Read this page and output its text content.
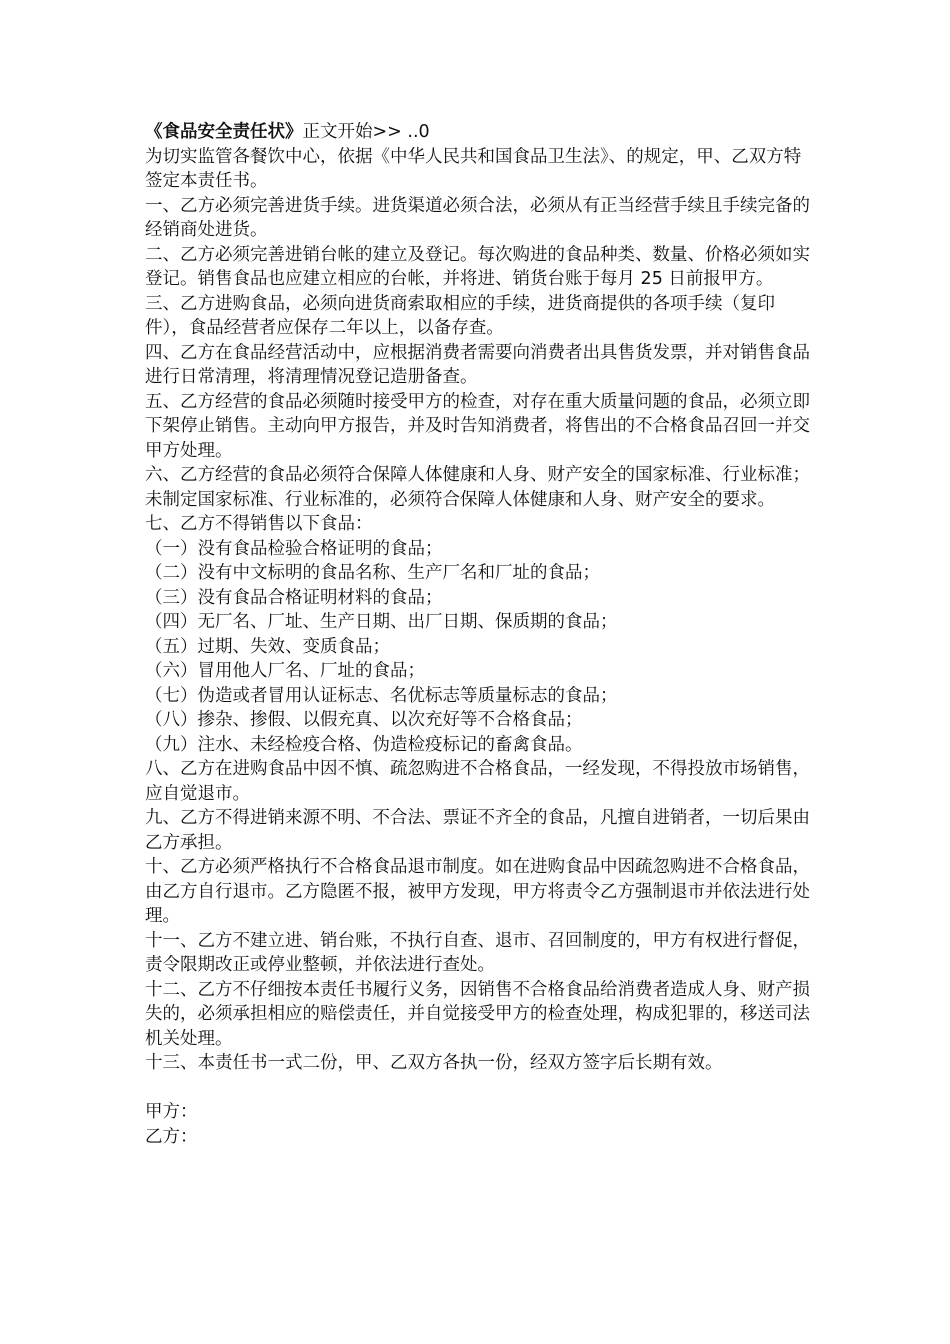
《食品安全责任状》正文开始>> ..0

为切实监管各餐饮中心，依据《中华人民共和国食品卫生法》、的规定，甲、乙双方特签定本责任书。

一、乙方必须完善进货手续。进货渠道必须合法，必须从有正当经营手续且手续完备的经销商处进货。

二、乙方必须完善进销台帐的建立及登记。每次购进的食品种类、数量、价格必须如实登记。销售食品也应建立相应的台帐，并将进、销货台账于每月 25 日前报甲方。

三、乙方进购食品，必须向进货商索取相应的手续，进货商提供的各项手续（复印件），食品经营者应保存二年以上，以备存查。

四、乙方在食品经营活动中，应根据消费者需要向消费者出具售货发票，并对销售食品进行日常清理，将清理情况登记造册备查。

五、乙方经营的食品必须随时接受甲方的检查，对存在重大质量问题的食品，必须立即下架停止销售。主动向甲方报告，并及时告知消费者，将售出的不合格食品召回一并交甲方处理。

六、乙方经营的食品必须符合保障人体健康和人身、财产安全的国家标准、行业标准；未制定国家标准、行业标准的，必须符合保障人体健康和人身、财产安全的要求。

七、乙方不得销售以下食品：

（一）没有食品检验合格证明的食品；

（二）没有中文标明的食品名称、生产厂名和厂址的食品；

（三）没有食品合格证明材料的食品；

（四）无厂名、厂址、生产日期、出厂日期、保质期的食品；

（五）过期、失效、变质食品；

（六）冒用他人厂名、厂址的食品；

（七）伪造或者冒用认证标志、名优标志等质量标志的食品；

（八）掺杂、掺假、以假充真、以次充好等不合格食品；

（九）注水、未经检疫合格、伪造检疫标记的畜禽食品。

八、乙方在进购食品中因不慎、疏忽购进不合格食品，一经发现，不得投放市场销售，应自觉退市。

九、乙方不得进销来源不明、不合法、票证不齐全的食品，凡擅自进销者，一切后果由乙方承担。

十、乙方必须严格执行不合格食品退市制度。如在进购食品中因疏忽购进不合格食品，由乙方自行退市。乙方隐匿不报，被甲方发现，甲方将责令乙方强制退市并依法进行处理。

十一、乙方不建立进、销台账，不执行自查、退市、召回制度的，甲方有权进行督促，责令限期改正或停业整顿，并依法进行查处。

十二、乙方不仔细按本责任书履行义务，因销售不合格食品给消费者造成人身、财产损失的，必须承担相应的赔偿责任，并自觉接受甲方的检查处理，构成犯罪的，移送司法机关处理。

十三、本责任书一式二份，甲、乙双方各执一份，经双方签字后长期有效。

甲方：
乙方：
